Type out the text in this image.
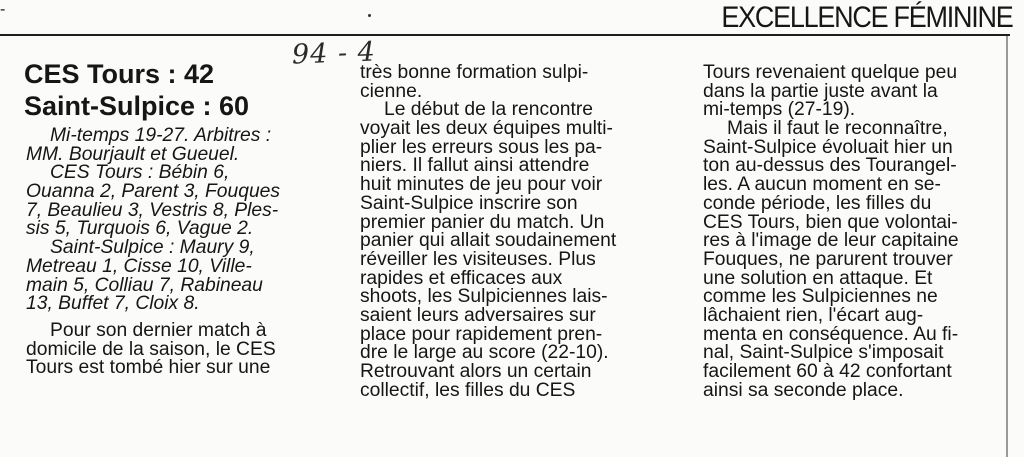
-	EXCELLENCE FÉMININE
94 - 4
CES Tours : 42
Saint-Sulpice : 60
Mi-temps 19-27. Arbitres :
MM. Bourjault et Gueuel.
CES Tours : Bébin 6,
Ouanna 2, Parent 3, Fouques
7, Beaulieu 3, Vestris 8, Ples-
sis 5, Turquois 6, Vague 2.
Saint-Sulpice : Maury 9,
Metreau 1, Cisse 10, Ville-
main 5, Colliau 7, Rabineau
13, Buffet 7, Cloix 8.
Pour son dernier match à
domicile de la saison, le CES
Tours est tombé hier sur une
très bonne formation sulpi-
cienne.
Le début de la rencontre
voyait les deux équipes multi-
plier les erreurs sous les pa-
niers. Il fallut ainsi attendre
huit minutes de jeu pour voir
Saint-Sulpice inscrire son
premier panier du match. Un
panier qui allait soudainement
réveiller les visiteuses. Plus
rapides et efficaces aux
shoots, les Sulpiciennes lais-
saient leurs adversaires sur
place pour rapidement pren-
dre le large au score (22-10).
Retrouvant alors un certain
collectif, les filles du CES
Tours revenaient quelque peu
dans la partie juste avant la
mi-temps (27-19).
Mais il faut le reconnaître,
Saint-Sulpice évoluait hier un
ton au-dessus des Tourangel-
les. A aucun moment en se-
conde période, les filles du
CES Tours, bien que volontai-
res à l'image de leur capitaine
Fouques, ne parurent trouver
une solution en attaque. Et
comme les Sulpiciennes ne
lâchaient rien, l'écart aug-
menta en conséquence. Au fi-
nal, Saint-Sulpice s'imposait
facilement 60 à 42 confortant
ainsi sa seconde place.
